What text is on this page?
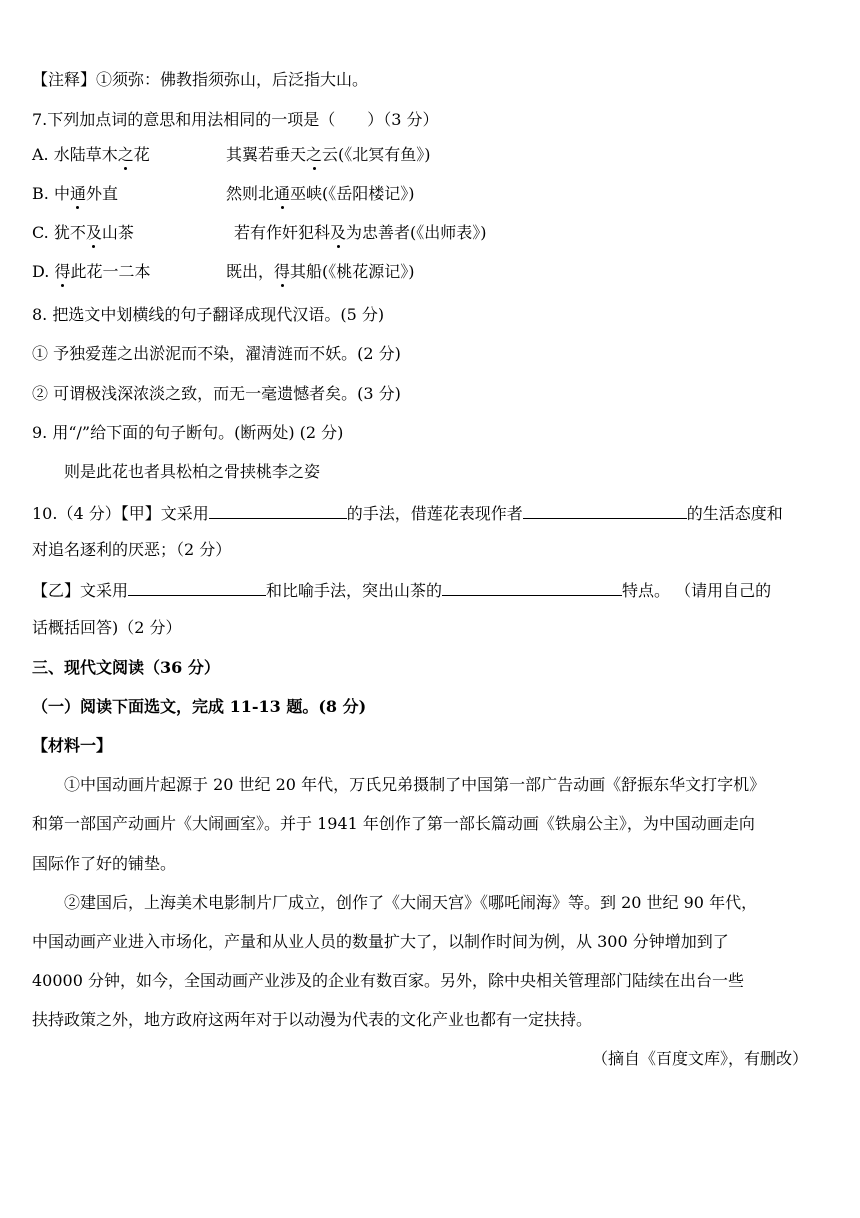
【注释】①须弥：佛教指须弥山，后泛指大山。
7.下列加点词的意思和用法相同的一项是（　　）（3 分）
A. 水陆草木之花	其翼若垂天之云(《北冥有鱼》)
B. 中通外直	然则北通巫峡(《岳阳楼记》)
C. 犹不及山茶	若有作奸犯科及为忠善者(《出师表》)
D. 得此花一二本	既出，得其船(《桃花源记》)
8. 把选文中划横线的句子翻译成现代汉语。(5 分)
① 予独爱莲之出淤泥而不染，濯清涟而不妖。(2 分)
② 可谓极浅深浓淡之致，而无一毫遗憾者矣。(3 分)
9. 用“/”给下面的句子断句。(断两处) (2 分)
则是此花也者具松柏之骨挟桃李之姿
10.（4 分）【甲】文采用	的手法，借莲花表现作者	的生活态度和
对追名逐利的厌恶；（2 分）
【乙】文采用	和比喻手法，突出山茶的	特点。 （请用自己的
话概括回答)（2 分）
三、现代文阅读（36 分）
（一）阅读下面选文，完成 11-13 题。(8 分)
【材料一】
①中国动画片起源于 20 世纪 20 年代，万氏兄弟摄制了中国第一部广告动画《舒振东华文打字机》
和第一部国产动画片《大闹画室》。并于 1941 年创作了第一部长篇动画《铁扇公主》，为中国动画走向
国际作了好的铺垫。
②建国后，上海美术电影制片厂成立，创作了《大闹天宫》《哪吒闹海》等。到 20 世纪 90 年代，
中国动画产业进入市场化，产量和从业人员的数量扩大了，以制作时间为例，从 300 分钟增加到了
40000 分钟，如今，全国动画产业涉及的企业有数百家。另外，除中央相关管理部门陆续在出台一些
扶持政策之外，地方政府这两年对于以动漫为代表的文化产业也都有一定扶持。
（摘自《百度文库》，有删改）
